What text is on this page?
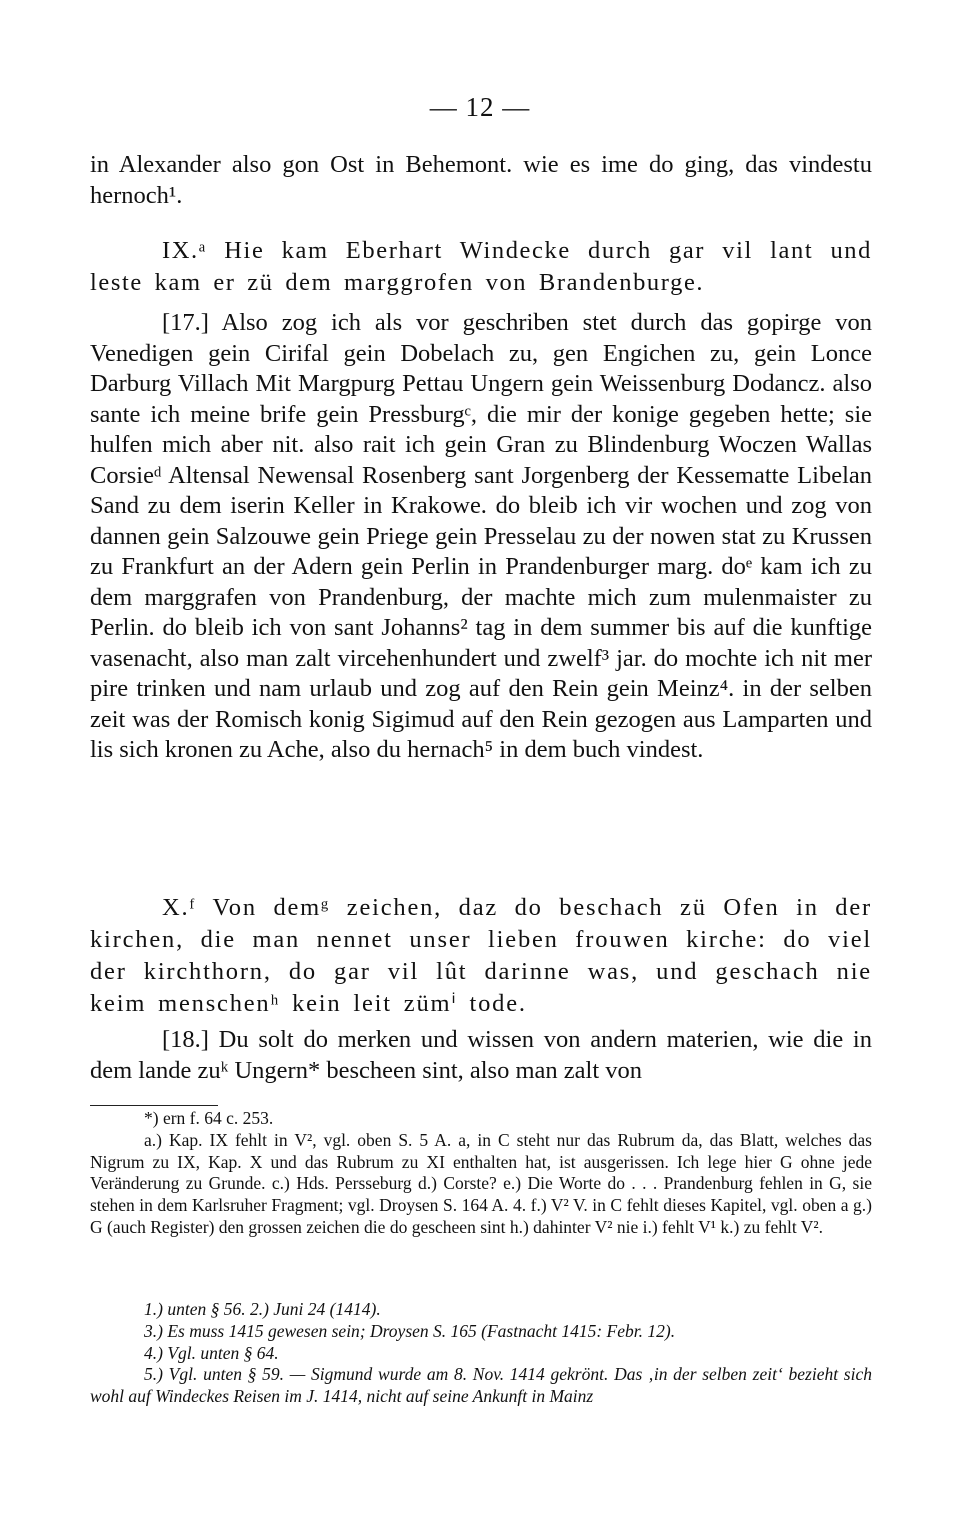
— 12 —

in Alexander also gon Ost in Behemont. wie es ime do ging, das vindestu hernoch¹.

IX.ᵃ Hie kam Eberhart Windecke durch gar vil lant und leste kam er zü dem marggrofen von Brandenburge.

[17.] Also zog ich als vor geschriben stet durch das gopirge von Venedigen gein Cirifal gein Dobelach zu, gen Engichen zu, gein Lonce Darburg Villach Mit Margpurg Pettau Ungern gein Weissenburg Dodancz. also sante ich meine brife gein Pressburgᶜ, die mir der konige gegeben hette; sie hulfen mich aber nit. also rait ich gein Gran zu Blindenburg Woczen Wallas Corsieᵈ Altensal Newensal Rosenberg sant Jorgenberg der Kessematte Libelan Sand zu dem iserin Keller in Krakowe. do bleib ich vir wochen und zog von dannen gein Salzouwe gein Priege gein Presselau zu der nowen stat zu Krussen zu Frankfurt an der Adern gein Perlin in Prandenburger marg. doᵉ kam ich zu dem marggrafen von Prandenburg, der machte mich zum mulenmaister zu Perlin. do bleib ich von sant Johanns² tag in dem summer bis auf die kunftige vasenacht, also man zalt vircehenhundert und zwelf³ jar. do mochte ich nit mer pire trinken und nam urlaub und zog auf den Rein gein Meinz⁴. in der selben zeit was der Romisch konig Sigimud auf den Rein gezogen aus Lamparten und lis sich kronen zu Ache, also du hernach⁵ in dem buch vindest.

X.ᶠ Von demᵍ zeichen, daz do beschach zü Ofen in der kirchen, die man nennet unser lieben frouwen kirche: do viel der kirchthorn, do gar vil lût darinne was, und geschach nie keim menschenʰ kein leit zümⁱ tode.

[18.] Du solt do merken und wissen von andern materien, wie die in dem lande zuᵏ Ungern* bescheen sint, also man zalt von

*) ern f. 64 c. 253.

a.) Kap. IX fehlt in V², vgl. oben S. 5 A. a, in C steht nur das Rubrum da, das Blatt, welches das Nigrum zu IX, Kap. X und das Rubrum zu XI enthalten hat, ist ausgerissen. Ich lege hier G ohne jede Veränderung zu Grunde. c.) Hds. Persseburg d.) Corste? e.) Die Worte do . . . Prandenburg fehlen in G, sie stehen in dem Karlsruher Fragment; vgl. Droysen S. 164 A. 4. f.) V² V. in C fehlt dieses Kapitel, vgl. oben a g.) G (auch Register) den grossen zeichen die do gescheen sint h.) dahinter V² nie i.) fehlt V¹ k.) zu fehlt V².

1.) unten § 56. 2.) Juni 24 (1414).

3.) Es muss 1415 gewesen sein; Droysen S. 165 (Fastnacht 1415: Febr. 12).

4.) Vgl. unten § 64.

5.) Vgl. unten § 59. — Sigmund wurde am 8. Nov. 1414 gekrönt. Das ‚in der selben zeit‘ bezieht sich wohl auf Windeckes Reisen im J. 1414, nicht auf seine Ankunft in Mainz
